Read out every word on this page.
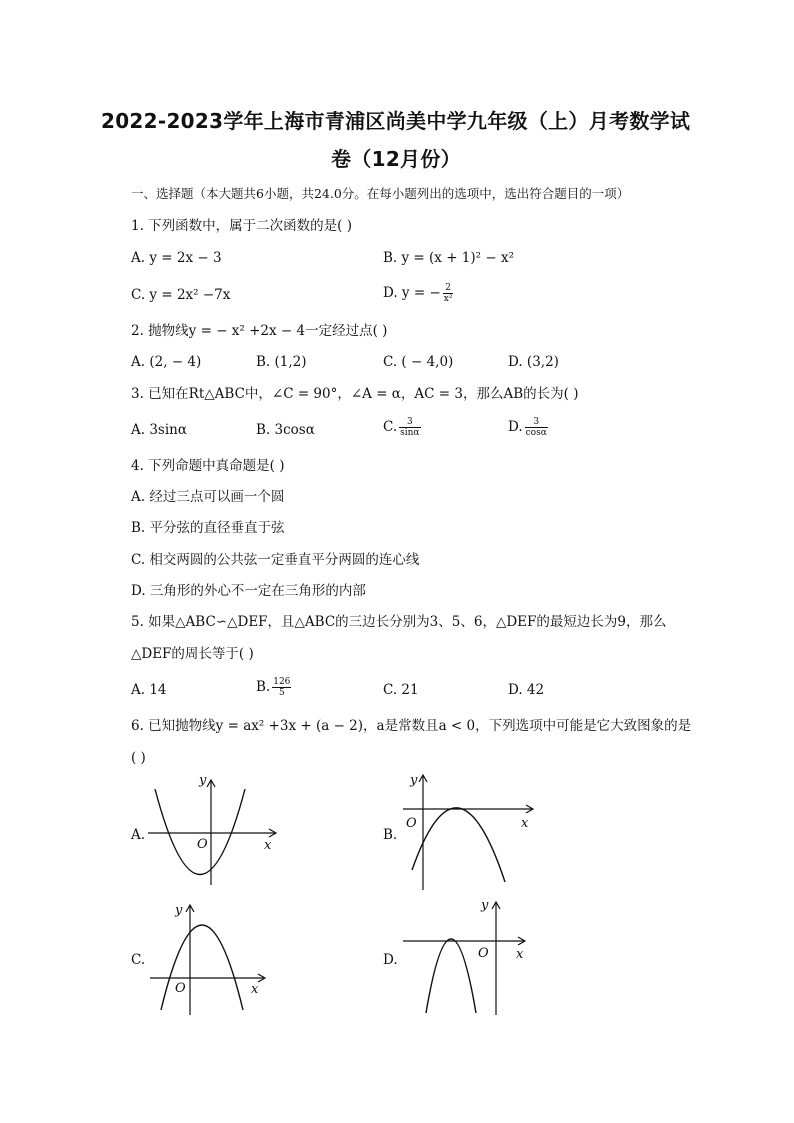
2022-2023学年上海市青浦区尚美中学九年级（上）月考数学试
卷（12月份）
一、选择题（本大题共6小题，共24.0分。在每小题列出的选项中，选出符合题目的一项）
1. 下列函数中，属于二次函数的是( )
A. y = 2x − 3	B. y = (x + 1)² − x²
C. y = 2x² −7x	D. y = − $\frac{2}{\text{x²}}$
2. 抛物线y = − x² +2x − 4一定经过点( )
A. (2, − 4)	B. (1,2)	C. ( − 4,0)	D. (3,2)
3. 已知在Rt△ABC中，∠C = 90°，∠A = α，AC = 3，那么AB的长为( )
A. 3sinα	B. 3cosα	C. $\frac{3}{\sin\alpha}$	D. $\frac{3}{\cos\alpha}$
4. 下列命题中真命题是( )
A. 经过三点可以画一个圆
B. 平分弦的直径垂直于弦
C. 相交两圆的公共弦一定垂直平分两圆的连心线
D. 三角形的外心不一定在三角形的内部
5. 如果△ABC∽△DEF，且△ABC的三边长分别为3、5、6，△DEF的最短边长为9，那么
△DEF的周长等于( )
A. 14	B. $\frac{126}{5}$	C. 21	D. 42
6. 已知抛物线y = ax² +3x + (a − 2)，a是常数且a < 0，下列选项中可能是它大致图象的是
( )
A.
y
O	x
B.
y
O	x
C.
y
O	x
D.
y
O x
